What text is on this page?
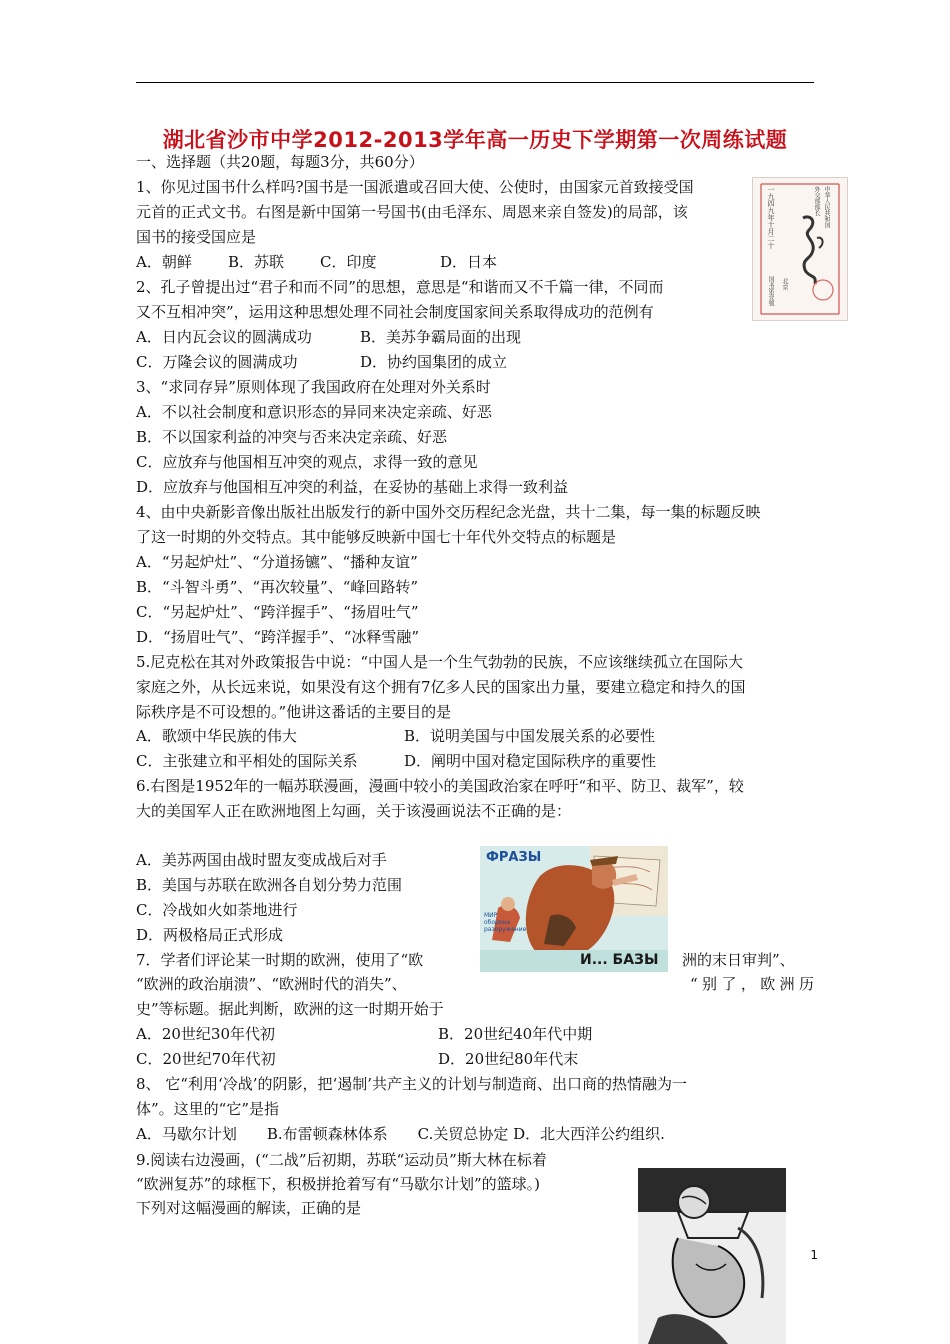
湖北省沙市中学2012-2013学年高一历史下学期第一次周练试题
一、选择题（共20题，每题3分，共60分）
1、你见过国书什么样吗?国书是一国派遣或召回大使、公使时，由国家元首致接受国
元首的正式文书。右图是新中国第一号国书(由毛泽东、周恩来亲自签发)的局部，该
国书的接受国应是
A．朝鲜 B．苏联 C．印度	D．日本
一九四九年十月二十	中华人民共和国
外交部部长
北京
国书笫壹號
2、孔子曾提出过“君子和而不同”的思想，意思是“和谐而又不千篇一律，不同而
又不互相冲突”，运用这种思想处理不同社会制度国家间关系取得成功的范例有
A．日内瓦会议的圆满成功	B．美苏争霸局面的出现
C．万隆会议的圆满成功	D．协约国集团的成立
3、“求同存异”原则体现了我国政府在处理对外关系时
A．不以社会制度和意识形态的异同来决定亲疏、好恶
B．不以国家利益的冲突与否来决定亲疏、好恶
C．应放弃与他国相互冲突的观点，求得一致的意见
D．应放弃与他国相互冲突的利益，在妥协的基础上求得一致利益
4、由中央新影音像出版社出版发行的新中国外交历程纪念光盘，共十二集，每一集的标题反映
了这一时期的外交特点。其中能够反映新中国七十年代外交特点的标题是
A．“另起炉灶”、“分道扬镳”、“播种友谊”
B．“斗智斗勇”、“再次较量”、“峰回路转”
C．“另起炉灶”、“跨洋握手”、“扬眉吐气”
D．“扬眉吐气”、“跨洋握手”、“冰释雪融”
5.尼克松在其对外政策报告中说：“中国人是一个生气勃勃的民族，不应该继续孤立在国际大
家庭之外，从长远来说，如果没有这个拥有7亿多人民的国家出力量，要建立稳定和持久的国
际秩序是不可设想的。”他讲这番话的主要目的是
A．歌颂中华民族的伟大	B．说明美国与中国发展关系的必要性
C．主张建立和平相处的国际关系	D．阐明中国对稳定国际秩序的重要性
6.右图是1952年的一幅苏联漫画，漫画中较小的美国政治家在呼吁“和平、防卫、裁军”，较
大的美国军人正在欧洲地图上勾画，关于该漫画说法不正确的是：
A．美苏两国由战时盟友变成战后对手
B．美国与苏联在欧洲各自划分势力范围
C．冷战如火如荼地进行
D．两极格局正式形成
ФРАЗЫ
И... БАЗЫ
МИР
оборона
разоружение
7．学者们评论某一时期的欧洲，使用了“欧	洲的末日审判”、
“欧洲的政治崩溃”、“欧洲时代的消失”、	“别了，欧洲历
史”等标题。据此判断，欧洲的这一时期开始于
A．20世纪30年代初	B．20世纪40年代中期
C．20世纪70年代初	D．20世纪80年代末
8、 它“利用‘冷战’的阴影，把‘遏制’共产主义的计划与制造商、出口商的热情融为一
体”。这里的“它”是指
A．马歇尔计划　　B.布雷顿森林体系　　C.关贸总协定 D．北大西洋公约组织.
9.阅读右边漫画，(“二战”后初期，苏联“运动员”斯大林在标着
“欧洲复苏”的球框下，积极拼抢着写有“马歇尔计划”的篮球。)
下列对这幅漫画的解读，正确的是
1
